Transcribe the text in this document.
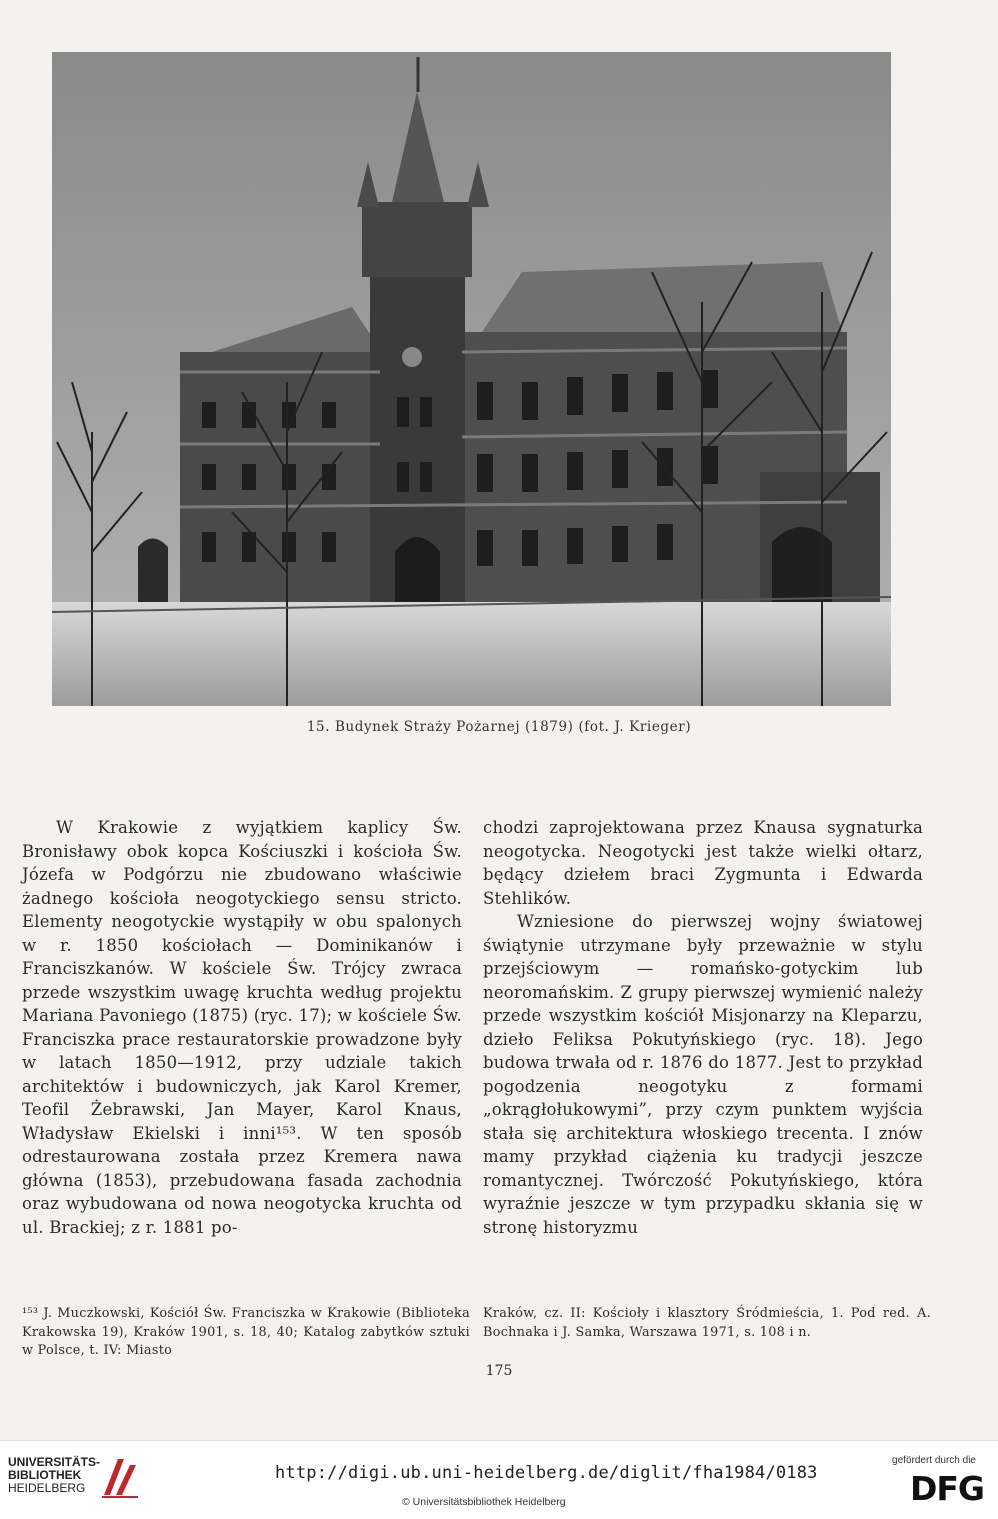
15. Budynek Straży Pożarnej (1879) (fot. J. Krieger)

W Krakowie z wyjątkiem kaplicy Św. Bronisławy obok kopca Kościuszki i kościoła Św. Józefa w Podgórzu nie zbudowano właściwie żadnego kościoła neogotyckiego sensu stricto. Elementy neogotyckie wystąpiły w obu spalonych w r. 1850 kościołach — Dominikanów i Franciszkanów. W kościele Św. Trójcy zwraca przede wszystkim uwagę kruchta według projektu Mariana Pavoniego (1875) (ryc. 17); w kościele Św. Franciszka prace restauratorskie prowadzone były w latach 1850—1912, przy udziale takich architektów i budowniczych, jak Karol Kremer, Teofil Żebrawski, Jan Mayer, Karol Knaus, Władysław Ekielski i inni¹⁵³. W ten sposób odrestaurowana została przez Kremera nawa główna (1853), przebudowana fasada zachodnia oraz wybudowana od nowa neogotycka kruchta od ul. Brackiej; z r. 1881 po-

chodzi zaprojektowana przez Knausa sygnaturka neogotycka. Neogotycki jest także wielki ołtarz, będący dziełem braci Zygmunta i Edwarda Stehlików.

Wzniesione do pierwszej wojny światowej świątynie utrzymane były przeważnie w stylu przejściowym — romańsko-gotyckim lub neoromańskim. Z grupy pierwszej wymienić należy przede wszystkim kościół Misjonarzy na Kleparzu, dzieło Feliksa Pokutyńskiego (ryc. 18). Jego budowa trwała od r. 1876 do 1877. Jest to przykład pogodzenia neogotyku z formami „okrągłołukowymi”, przy czym punktem wyjścia stała się architektura włoskiego trecenta. I znów mamy przykład ciążenia ku tradycji jeszcze romantycznej. Twórczość Pokutyńskiego, która wyraźnie jeszcze w tym przypadku skłania się w stronę historyzmu

¹⁵³ J. Muczkowski, Kościół Św. Franciszka w Krakowie (Biblioteka Krakowska 19), Kraków 1901, s. 18, 40; Katalog zabytków sztuki w Polsce, t. IV: Miasto
Kraków, cz. II: Kościoły i klasztory Śródmieścia, 1. Pod red. A. Bochnaka i J. Samka, Warszawa 1971, s. 108 i n.
175
UNIVERSITÄTS-
BIBLIOTHEK
HEIDELBERG
http://digi.ub.uni-heidelberg.de/diglit/fha1984/0183
© Universitätsbibliothek Heidelberg
gefördert durch die
DFG
